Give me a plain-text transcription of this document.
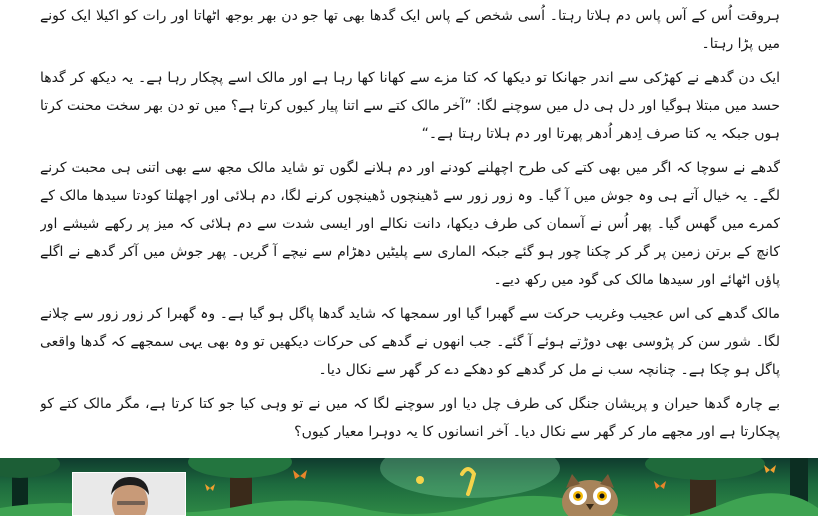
ہروقت اُس کے آس پاس دم ہلاتا رہتا۔ اُسی شخص کے پاس ایک گدھا بھی تھا جو دن بھر بوجھ اٹھاتا اور رات کو اکیلا ایک کونے میں پڑا رہتا۔

ایک دن گدھے نے کھڑکی سے اندر جھانکا تو دیکھا کہ کتا مزے سے کھانا کھا رہا ہے اور مالک اسے پچکار رہا ہے۔ یہ دیکھ کر گدھا حسد میں مبتلا ہوگیا اور دل ہی دل میں سوچنے لگا: ”آخر مالک کتے سے اتنا پیار کیوں کرتا ہے؟ میں تو دن بھر سخت محنت کرتا ہوں جبکہ یہ کتا صرف اِدھر اُدھر پھرتا اور دم ہلاتا رہتا ہے۔“

گدھے نے سوچا کہ اگر میں بھی کتے کی طرح اچھلنے کودنے اور دم ہلانے لگوں تو شاید مالک مجھ سے بھی اتنی ہی محبت کرنے لگے۔ یہ خیال آتے ہی وہ جوش میں آ گیا۔ وہ زور زور سے ڈھینچوں ڈھینچوں کرنے لگا، دم ہلائی اور اچھلتا کودتا سیدھا مالک کے کمرے میں گھس گیا۔ پھر اُس نے آسمان کی طرف دیکھا، دانت نکالے اور ایسی شدت سے دم ہلائی کہ میز پر رکھے شیشے اور کانچ کے برتن زمین پر گر کر چکنا چور ہو گئے جبکہ الماری سے پلیٹیں دھڑام سے نیچے آ گریں۔ پھر جوش میں آکر گدھے نے اگلے پاؤں اٹھائے اور سیدھا مالک کی گود میں رکھ دیے۔

مالک گدھے کی اس عجیب وغریب حرکت سے گھبرا گیا اور سمجھا کہ شاید گدھا پاگل ہو گیا ہے۔ وہ گھبرا کر زور زور سے چلانے لگا۔ شور سن کر پڑوسی بھی دوڑتے ہوئے آ گئے۔ جب انھوں نے گدھے کی حرکات دیکھیں تو وہ بھی یہی سمجھے کہ گدھا واقعی پاگل ہو چکا ہے۔ چنانچہ سب نے مل کر گدھے کو دھکے دے کر گھر سے نکال دیا۔

بے چارہ گدھا حیران و پریشان جنگل کی طرف چل دیا اور سوچنے لگا کہ میں نے تو وہی کیا جو کتا کرتا ہے، مگر مالک کتے کو پچکارتا ہے اور مجھے مار کر گھر سے نکال دیا۔ آخر انسانوں کا یہ دوہرا معیار کیوں؟
